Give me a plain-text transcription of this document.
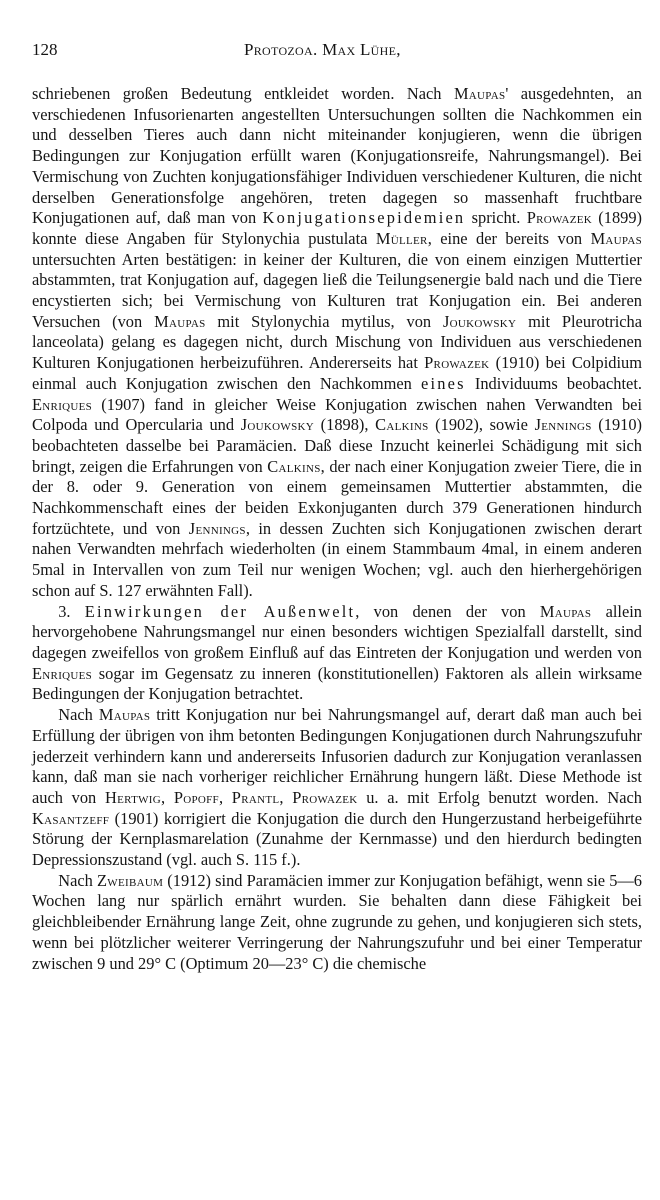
128	Protozoa. Max Lühe,

schriebenen großen Bedeutung entkleidet worden. Nach Maupas' ausgedehnten, an verschiedenen Infusorienarten angestellten Untersuchungen sollten die Nachkommen ein und desselben Tieres auch dann nicht miteinander konjugieren, wenn die übrigen Bedingungen zur Konjugation erfüllt waren (Konjugationsreife, Nahrungsmangel). Bei Vermischung von Zuchten konjugationsfähiger Individuen verschiedener Kulturen, die nicht derselben Generationsfolge angehören, treten dagegen so massenhaft fruchtbare Konjugationen auf, daß man von Konjugationsepidemien spricht. Prowazek (1899) konnte diese Angaben für Stylonychia pustulata Müller, eine der bereits von Maupas untersuchten Arten bestätigen: in keiner der Kulturen, die von einem einzigen Muttertier abstammten, trat Konjugation auf, dagegen ließ die Teilungsenergie bald nach und die Tiere encystierten sich; bei Vermischung von Kulturen trat Konjugation ein. Bei anderen Versuchen (von Maupas mit Stylonychia mytilus, von Joukowsky mit Pleurotricha lanceolata) gelang es dagegen nicht, durch Mischung von Individuen aus verschiedenen Kulturen Konjugationen herbeizuführen. Andererseits hat Prowazek (1910) bei Colpidium einmal auch Konjugation zwischen den Nachkommen eines Individuums beobachtet. Enriques (1907) fand in gleicher Weise Konjugation zwischen nahen Verwandten bei Colpoda und Opercularia und Joukowsky (1898), Calkins (1902), sowie Jennings (1910) beobachteten dasselbe bei Paramäcien. Daß diese Inzucht keinerlei Schädigung mit sich bringt, zeigen die Erfahrungen von Calkins, der nach einer Konjugation zweier Tiere, die in der 8. oder 9. Generation von einem gemeinsamen Muttertier abstammten, die Nachkommenschaft eines der beiden Exkonjuganten durch 379 Generationen hindurch fortzüchtete, und von Jennings, in dessen Zuchten sich Konjugationen zwischen derart nahen Verwandten mehrfach wiederholten (in einem Stammbaum 4mal, in einem anderen 5mal in Intervallen von zum Teil nur wenigen Wochen; vgl. auch den hierhergehörigen schon auf S. 127 erwähnten Fall).

3. Einwirkungen der Außenwelt, von denen der von Maupas allein hervorgehobene Nahrungsmangel nur einen besonders wichtigen Spezialfall darstellt, sind dagegen zweifellos von großem Einfluß auf das Eintreten der Konjugation und werden von Enriques sogar im Gegensatz zu inneren (konstitutionellen) Faktoren als allein wirksame Bedingungen der Konjugation betrachtet.

Nach Maupas tritt Konjugation nur bei Nahrungsmangel auf, derart daß man auch bei Erfüllung der übrigen von ihm betonten Bedingungen Konjugationen durch Nahrungszufuhr jederzeit verhindern kann und andererseits Infusorien dadurch zur Konjugation veranlassen kann, daß man sie nach vorheriger reichlicher Ernährung hungern läßt. Diese Methode ist auch von Hertwig, Popoff, Prantl, Prowazek u. a. mit Erfolg benutzt worden. Nach Kasantzeff (1901) korrigiert die Konjugation die durch den Hungerzustand herbeigeführte Störung der Kernplasmarelation (Zunahme der Kernmasse) und den hierdurch bedingten Depressionszustand (vgl. auch S. 115 f.).

Nach Zweibaum (1912) sind Paramäcien immer zur Konjugation befähigt, wenn sie 5—6 Wochen lang nur spärlich ernährt wurden. Sie behalten dann diese Fähigkeit bei gleichbleibender Ernährung lange Zeit, ohne zugrunde zu gehen, und konjugieren sich stets, wenn bei plötzlicher weiterer Verringerung der Nahrungszufuhr und bei einer Temperatur zwischen 9 und 29° C (Optimum 20—23° C) die chemische
